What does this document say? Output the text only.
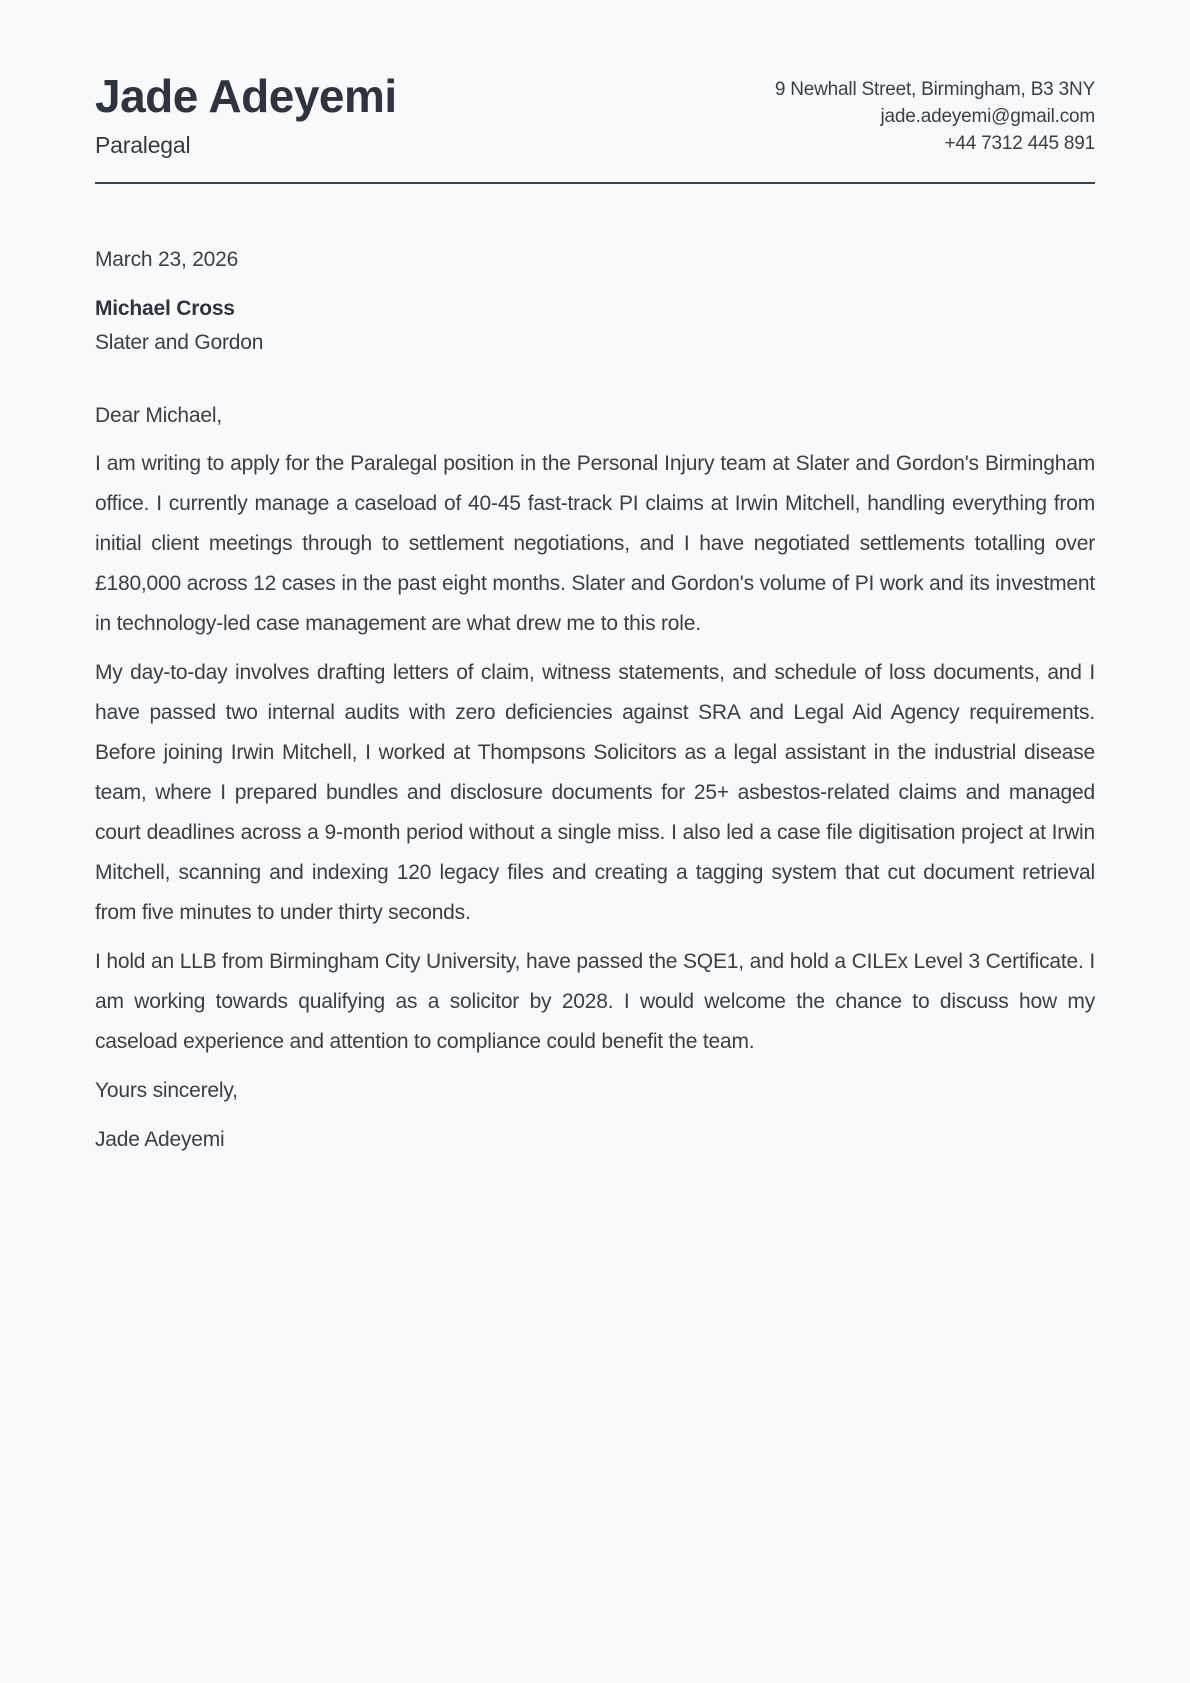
Jade Adeyemi
Paralegal
9 Newhall Street, Birmingham, B3 3NY
jade.adeyemi@gmail.com
+44 7312 445 891
March 23, 2026
Michael Cross
Slater and Gordon

Dear Michael,

I am writing to apply for the Paralegal position in the Personal Injury team at Slater and Gordon's Birmingham office. I currently manage a caseload of 40-45 fast-track PI claims at Irwin Mitchell, handling everything from initial client meetings through to settlement negotiations, and I have negotiated settlements totalling over £180,000 across 12 cases in the past eight months. Slater and Gordon's volume of PI work and its investment in technology-led case management are what drew me to this role.

My day-to-day involves drafting letters of claim, witness statements, and schedule of loss documents, and I have passed two internal audits with zero deficiencies against SRA and Legal Aid Agency requirements. Before joining Irwin Mitchell, I worked at Thompsons Solicitors as a legal assistant in the industrial disease team, where I prepared bundles and disclosure documents for 25+ asbestos-related claims and managed court deadlines across a 9-month period without a single miss. I also led a case file digitisation project at Irwin Mitchell, scanning and indexing 120 legacy files and creating a tagging system that cut document retrieval from five minutes to under thirty seconds.

I hold an LLB from Birmingham City University, have passed the SQE1, and hold a CILEx Level 3 Certificate. I am working towards qualifying as a solicitor by 2028. I would welcome the chance to discuss how my caseload experience and attention to compliance could benefit the team.

Yours sincerely,

Jade Adeyemi
